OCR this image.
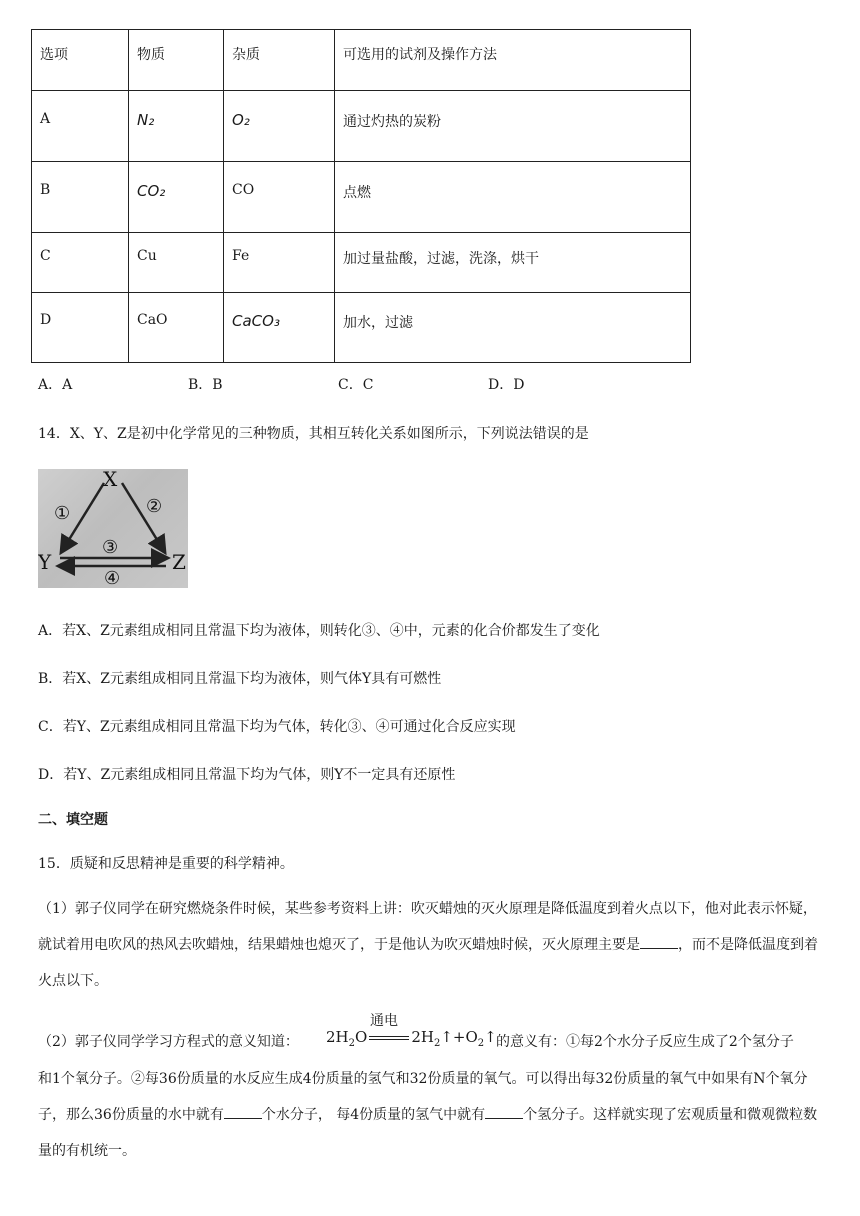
选项	物质	杂质	可选用的试剂及操作方法
A	N₂	O₂	通过灼热的炭粉
B	CO₂	CO	点燃
C	Cu	Fe	加过量盐酸，过滤，洗涤，烘干
D	CaO	CaCO₃	加水，过滤
A．A	B．B	C．C	D．D
14．X、Y、Z是初中化学常见的三种物质，其相互转化关系如图所示，下列说法错误的是
X
Y	Z
①	②
③
④
A．若X、Z元素组成相同且常温下均为液体，则转化③、④中，元素的化合价都发生了变化
B．若X、Z元素组成相同且常温下均为液体，则气体Y具有可燃性
C．若Y、Z元素组成相同且常温下均为气体，转化③、④可通过化合反应实现
D．若Y、Z元素组成相同且常温下均为气体，则Y不一定具有还原性
二、填空题
15．质疑和反思精神是重要的科学精神。
（1）郭子仪同学在研究燃烧条件时候，某些参考资料上讲：吹灭蜡烛的灭火原理是降低温度到着火点以下，他对此表示怀疑，就试着用电吹风的热风去吹蜡烛，结果蜡烛也熄灭了，于是他认为吹灭蜡烛时候，灭火原理主要是	，而不是降低温度到着火点以下。
（2）郭子仪同学学习方程式的意义知道：
通电
$2H_2O$	$2H_2↑+O_2↑$ 的意义有：①每2个水分子反应生成了2个氢分子
和1个氧分子。②每36份质量的水反应生成4份质量的氢气和32份质量的氧气。可以得出每32份质量的氧气中如果有N个氧分子，那么36份质量的水中就有	个水分子， 每4份质量的氢气中就有	个氢分子。这样就实现了宏观质量和微观微粒数量的有机统一。
